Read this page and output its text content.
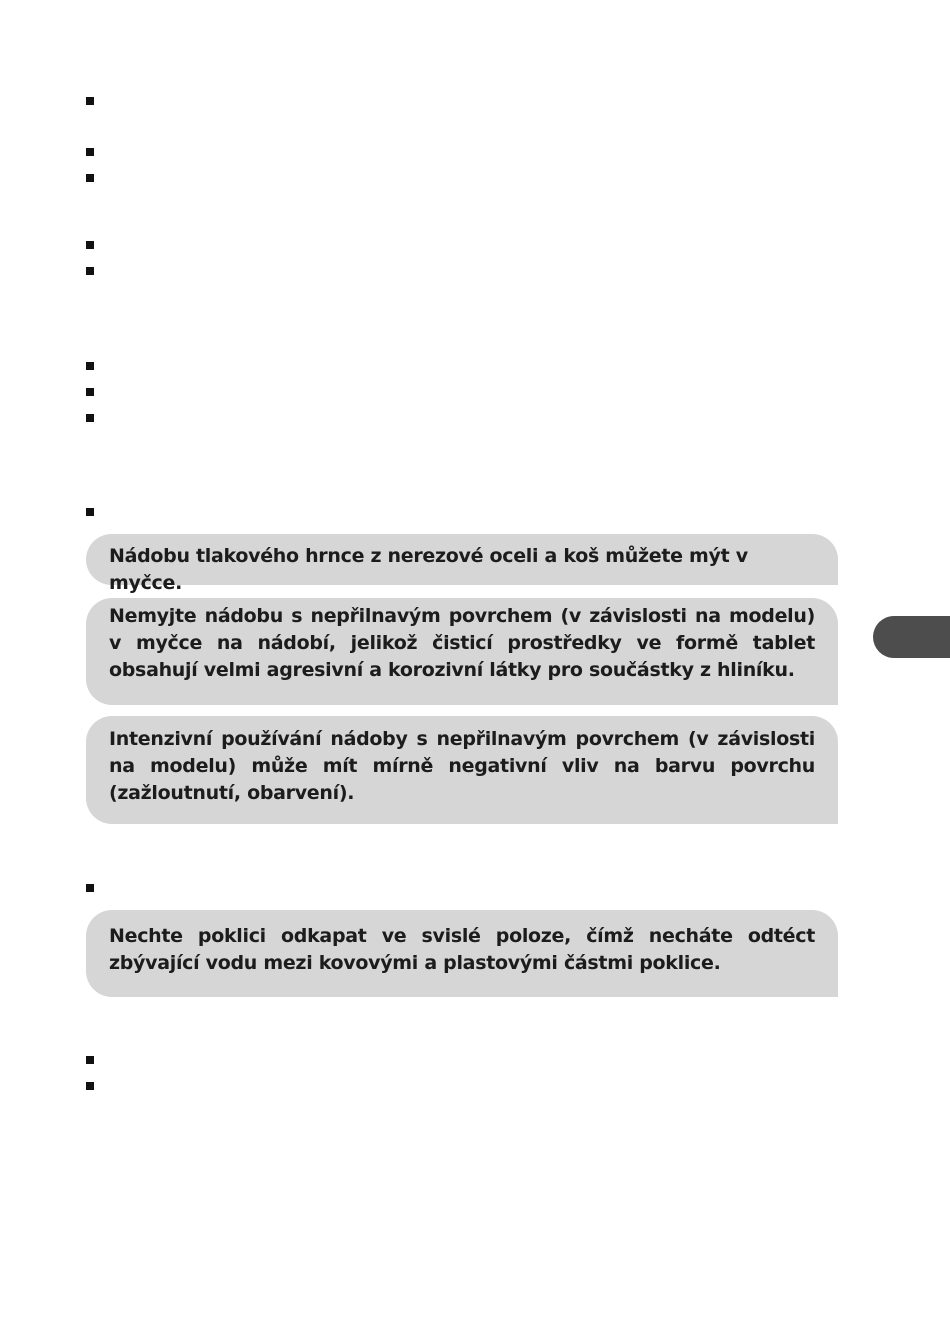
Nádobu tlakového hrnce z nerezové oceli a koš můžete mýt v myčce.

Nemyjte nádobu s nepřilnavým povrchem (v závislosti na modelu) v myčce na nádobí, jelikož čisticí prostředky ve formě tablet obsahují velmi agresivní a korozivní látky pro součástky z hliníku.

Intenzivní používání nádoby s nepřilnavým povrchem (v závislosti na modelu) může mít mírně negativní vliv na barvu povrchu (zažloutnutí, obarvení).

Nechte poklici odkapat ve svislé poloze, čímž necháte odtéct zbývající vodu mezi kovovými a plastovými částmi poklice.
